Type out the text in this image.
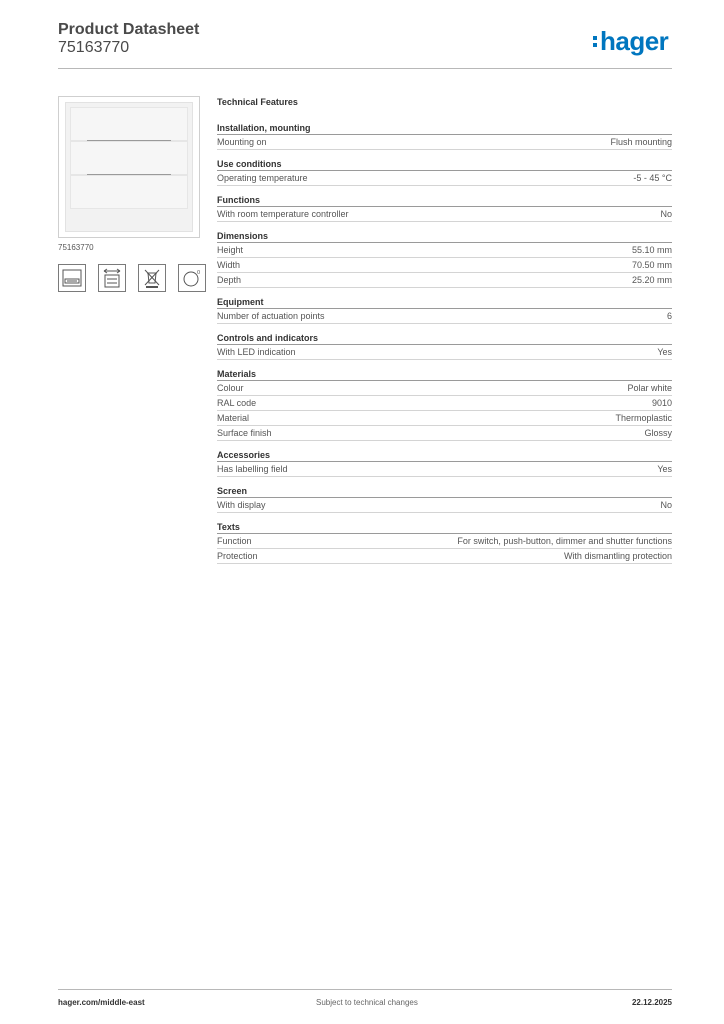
Product Datasheet
75163770	hager
75163770
0
Technical Features
Installation, mounting
Mounting on	Flush mounting
Use conditions
Operating temperature	-5 - 45 °C
Functions
With room temperature controller	No
Dimensions
Height	55.10 mm
Width	70.50 mm
Depth	25.20 mm
Equipment
Number of actuation points	6
Controls and indicators
With LED indication	Yes
Materials
Colour	Polar white
RAL code	9010
Material	Thermoplastic
Surface finish	Glossy
Accessories
Has labelling field	Yes
Screen
With display	No
Texts
Function	For switch, push-button, dimmer and shutter functions
Protection	With dismantling protection
hager.com/middle-east	Subject to technical changes	22.12.2025
